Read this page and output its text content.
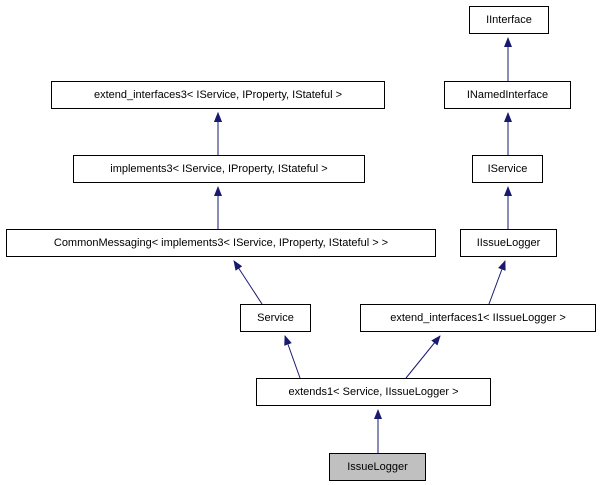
IInterface
extend_interfaces3< IService, IProperty, IStateful >	INamedInterface
implements3< IService, IProperty, IStateful >	IService
CommonMessaging< implements3< IService, IProperty, IStateful > >	IIssueLogger
Service	extend_interfaces1< IIssueLogger >
extends1< Service, IIssueLogger >
IssueLogger
